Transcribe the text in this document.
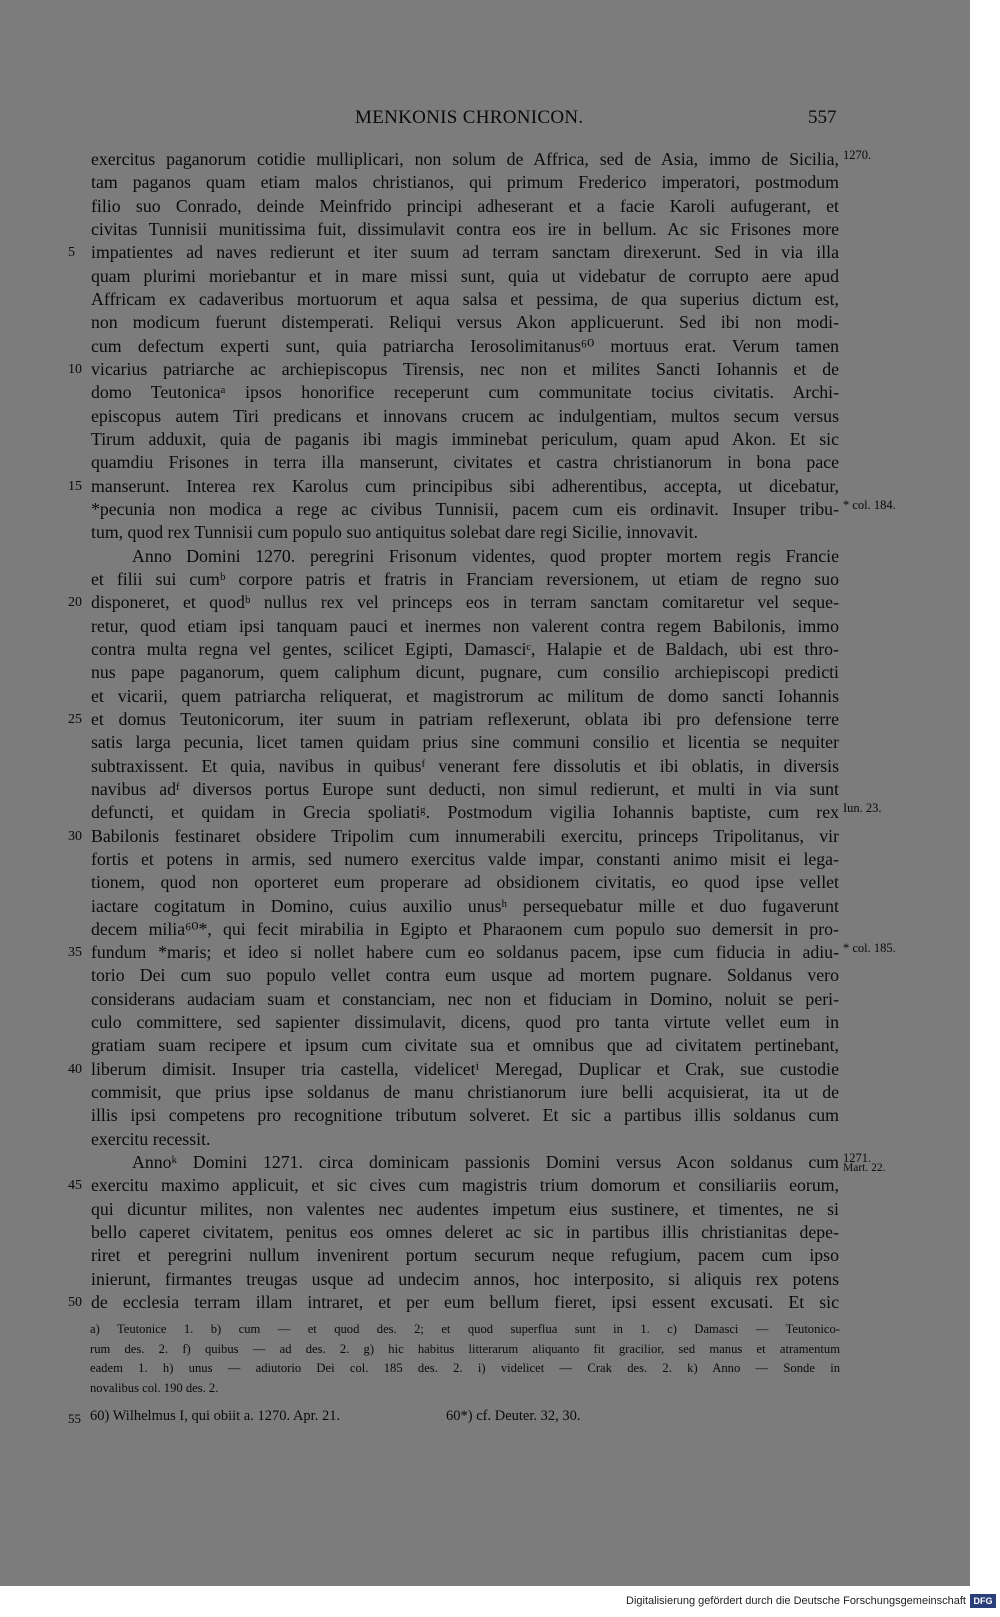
MENKONIS CHRONICON.	557
exercitus paganorum cotidie mulliplicari, non solum de Affrica, sed de Asia, immo de Sicilia, 1270.
tam paganos quam etiam malos christianos, qui primum Frederico imperatori, postmodum
filio suo Conrado, deinde Meinfrido principi adheserant et a facie Karoli aufugerant, et
civitas Tunnisii munitissima fuit, dissimulavit contra eos ire in bellum. Ac sic Frisones more
5 impatientes ad naves redierunt et iter suum ad terram sanctam direxerunt. Sed in via illa
quam plurimi moriebantur et in mare missi sunt, quia ut videbatur de corrupto aere apud
Affricam ex cadaveribus mortuorum et aqua salsa et pessima, de qua superius dictum est,
non modicum fuerunt distemperati. Reliqui versus Akon applicuerunt. Sed ibi non modi-
cum defectum experti sunt, quia patriarcha Ierosolimitanus⁶⁰ mortuus erat. Verum tamen
10 vicarius patriarche ac archiepiscopus Tirensis, nec non et milites Sancti Iohannis et de
domo Teutonicaᵃ ipsos honorifice receperunt cum communitate tocius civitatis. Archi-
episcopus autem Tiri predicans et innovans crucem ac indulgentiam, multos secum versus
Tirum adduxit, quia de paganis ibi magis imminebat periculum, quam apud Akon. Et sic
quamdiu Frisones in terra illa manserunt, civitates et castra christianorum in bona pace
15 manserunt. Interea rex Karolus cum principibus sibi adherentibus, accepta, ut dicebatur,
*pecunia non modica a rege ac civibus Tunnisii, pacem cum eis ordinavit. Insuper tribu- * col. 184.
tum, quod rex Tunnisii cum populo suo antiquitus solebat dare regi Sicilie, innovavit.
Anno Domini 1270. peregrini Frisonum videntes, quod propter mortem regis Francie
et filii sui cumᵇ corpore patris et fratris in Franciam reversionem, ut etiam de regno suo
20 disponeret, et quodᵇ nullus rex vel princeps eos in terram sanctam comitaretur vel seque-
retur, quod etiam ipsi tanquam pauci et inermes non valerent contra regem Babilonis, immo
contra multa regna vel gentes, scilicet Egipti, Damasciᶜ, Halapie et de Baldach, ubi est thro-
nus pape paganorum, quem caliphum dicunt, pugnare, cum consilio archiepiscopi predicti
et vicarii, quem patriarcha reliquerat, et magistrorum ac militum de domo sancti Iohannis
25 et domus Teutonicorum, iter suum in patriam reflexerunt, oblata ibi pro defensione terre
satis larga pecunia, licet tamen quidam prius sine communi consilio et licentia se nequiter
subtraxissent. Et quia, navibus in quibusᶠ venerant fere dissolutis et ibi oblatis, in diversis
navibus adᶠ diversos portus Europe sunt deducti, non simul redierunt, et multi in via sunt
defuncti, et quidam in Grecia spoliatiᵍ. Postmodum vigilia Iohannis baptiste, cum rex Iun. 23.
30 Babilonis festinaret obsidere Tripolim cum innumerabili exercitu, princeps Tripolitanus, vir
fortis et potens in armis, sed numero exercitus valde impar, constanti animo misit ei lega-
tionem, quod non oporteret eum properare ad obsidionem civitatis, eo quod ipse vellet
iactare cogitatum in Domino, cuius auxilio unusʰ persequebatur mille et duo fugaverunt
decem milia⁶⁰*, qui fecit mirabilia in Egipto et Pharaonem cum populo suo demersit in pro-
35 fundum *maris; et ideo si nollet habere cum eo soldanus pacem, ipse cum fiducia in adiu- * col. 185.
torio Dei cum suo populo vellet contra eum usque ad mortem pugnare. Soldanus vero
considerans audaciam suam et constanciam, nec non et fiduciam in Domino, noluit se peri-
culo committere, sed sapienter dissimulavit, dicens, quod pro tanta virtute vellet eum in
gratiam suam recipere et ipsum cum civitate sua et omnibus que ad civitatem pertinebant,
40 liberum dimisit. Insuper tria castella, videlicetⁱ Meregad, Duplicar et Crak, sue custodie
commisit, que prius ipse soldanus de manu christianorum iure belli acquisierat, ita ut de
illis ipsi competens pro recognitione tributum solveret. Et sic a partibus illis soldanus cum
exercitu recessit.
Annoᵏ Domini 1271. circa dominicam passionis Domini versus Acon soldanus cum 1271.
Mart. 22.
45 exercitu maximo applicuit, et sic cives cum magistris trium domorum et consiliariis eorum,
qui dicuntur milites, non valentes nec audentes impetum eius sustinere, et timentes, ne si
bello caperet civitatem, penitus eos omnes deleret ac sic in partibus illis christianitas depe-
riret et peregrini nullum invenirent portum securum neque refugium, pacem cum ipso
inierunt, firmantes treugas usque ad undecim annos, hoc interposito, si aliquis rex potens
50 de ecclesia terram illam intraret, et per eum bellum fieret, ipsi essent excusati. Et sic
a) Teutonice 1. b) cum — et quod des. 2; et quod superflua sunt in 1. c) Damasci — Teutonico-
rum des. 2. f) quibus — ad des. 2. g) hic habitus litterarum aliquanto fit gracilior, sed manus et atramentum
eadem 1. h) unus — adiutorio Dei col. 185 des. 2. i) videlicet — Crak des. 2. k) Anno — Sonde in
novalibus col. 190 des. 2.
55 60) Wilhelmus I, qui obiit a. 1270. Apr. 21.	60*) cf. Deuter. 32, 30.
Digitalisierung gefördert durch die Deutsche Forschungsgemeinschaft DFG
